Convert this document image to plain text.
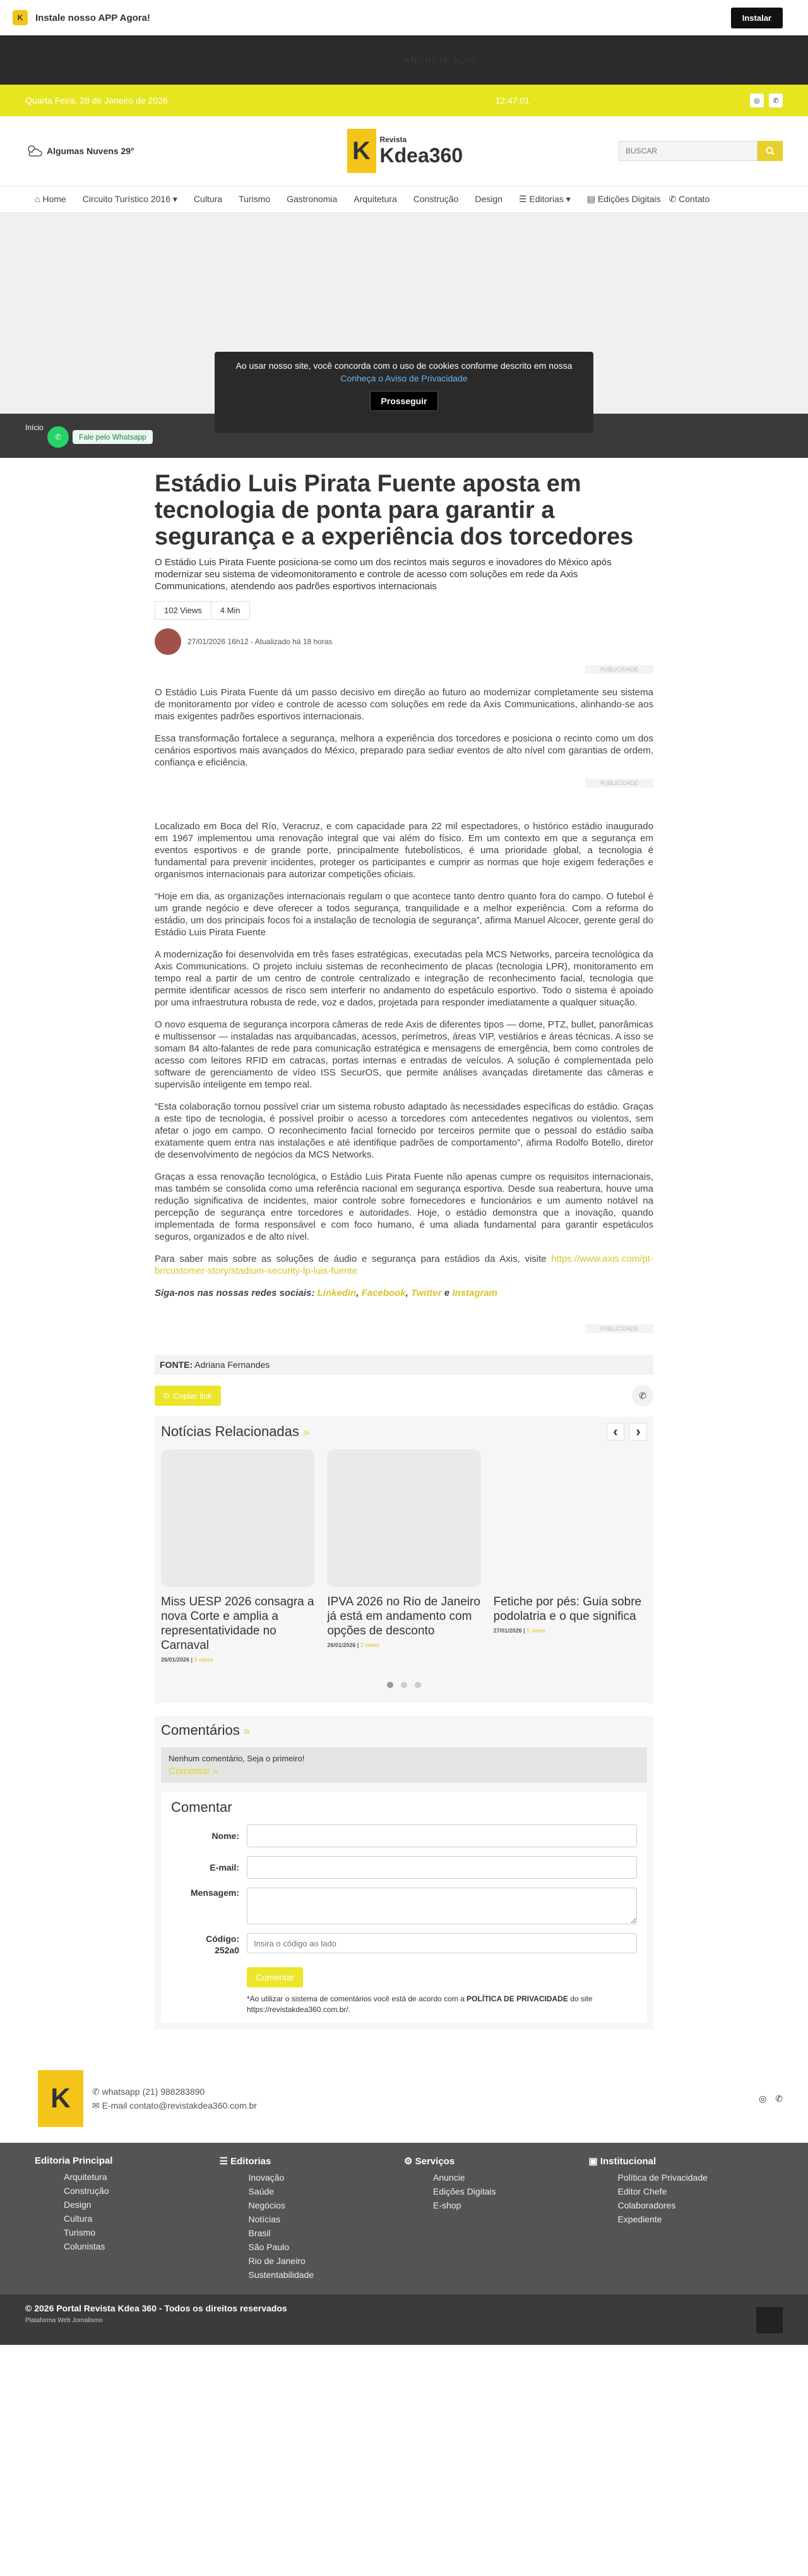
K	Instale nosso APP Agora!	Instalar
ANUNCIE AQUI
Quarta Feira, 28 de Janeiro de 2026	12:47:01	◎	✆
Algumas Nuvens 29°	K	Revista
Kdea360
BUSCAR
⌂ Home	Circuito Turístico 2016 ▾	Cultura	Turismo	Gastronomia	Arquitetura	Construção	Design	☰ Editorias ▾	▤ Edições Digitais ✆ Contato
Ao usar nosso site, você concorda com o uso de cookies conforme descrito em nossa
Conheça o Aviso de Privacidade
Prosseguir
Início
✆	Fale pelo Whatsapp
Estádio Luis Pirata Fuente aposta em tecnologia de ponta para garantir a segurança e a experiência dos torcedores

O Estádio Luis Pirata Fuente posiciona-se como um dos recintos mais seguros e inovadores do México após modernizar seu sistema de videomonitoramento e controle de acesso com soluções em rede da Axis Communications, atendendo aos padrões esportivos internacionais

102 Views	4 Min
27/01/2026 16h12 - Atualizado há 18 horas
PUBLICIDADE

O Estádio Luis Pirata Fuente dá um passo decisivo em direção ao futuro ao modernizar completamente seu sistema de monitoramento por vídeo e controle de acesso com soluções em rede da Axis Communications, alinhando-se aos mais exigentes padrões esportivos internacionais.

Essa transformação fortalece a segurança, melhora a experiência dos torcedores e posiciona o recinto como um dos cenários esportivos mais avançados do México, preparado para sediar eventos de alto nível com garantias de ordem, confiança e eficiência.

PUBLICIDADE

Localizado em Boca del Río, Veracruz, e com capacidade para 22 mil espectadores, o histórico estádio inaugurado em 1967 implementou uma renovação integral que vai além do físico. Em um contexto em que a segurança em eventos esportivos e de grande porte, principalmente futebolísticos, é uma prioridade global, a tecnologia é fundamental para prevenir incidentes, proteger os participantes e cumprir as normas que hoje exigem federações e organismos internacionais para autorizar competições oficiais.

“Hoje em dia, as organizações internacionais regulam o que acontece tanto dentro quanto fora do campo. O futebol é um grande negócio e deve oferecer a todos segurança, tranquilidade e a melhor experiência. Com a reforma do estádio, um dos principais focos foi a instalação de tecnologia de segurança”, afirma Manuel Alcocer, gerente geral do Estádio Luis Pirata Fuente

A modernização foi desenvolvida em três fases estratégicas, executadas pela MCS Networks, parceira tecnológica da Axis Communications. O projeto incluiu sistemas de reconhecimento de placas (tecnologia LPR), monitoramento em tempo real a partir de um centro de controle centralizado e integração de reconhecimento facial, tecnologia que permite identificar acessos de risco sem interferir no andamento do espetáculo esportivo. Todo o sistema é apoiado por uma infraestrutura robusta de rede, voz e dados, projetada para responder imediatamente a qualquer situação.

O novo esquema de segurança incorpora câmeras de rede Axis de diferentes tipos — dome, PTZ, bullet, panorâmicas e multissensor — instaladas nas arquibancadas, acessos, perímetros, áreas VIP, vestiários e áreas técnicas. A isso se somam 84 alto-falantes de rede para comunicação estratégica e mensagens de emergência, bem como controles de acesso com leitores RFID em catracas, portas internas e entradas de veículos. A solução é complementada pelo software de gerenciamento de vídeo ISS SecurOS, que permite análises avançadas diretamente das câmeras e supervisão inteligente em tempo real.

“Esta colaboração tornou possível criar um sistema robusto adaptado às necessidades específicas do estádio. Graças a este tipo de tecnologia, é possível proibir o acesso a torcedores com antecedentes negativos ou violentos, sem afetar o jogo em campo. O reconhecimento facial fornecido por terceiros permite que o pessoal do estádio saiba exatamente quem entra nas instalações e até identifique padrões de comportamento”, afirma Rodolfo Botello, diretor de desenvolvimento de negócios da MCS Networks.

Graças a essa renovação tecnológica, o Estádio Luis Pirata Fuente não apenas cumpre os requisitos internacionais, mas também se consolida como uma referência nacional em segurança esportiva. Desde sua reabertura, houve uma redução significativa de incidentes, maior controle sobre fornecedores e funcionários e um aumento notável na percepção de segurança entre torcedores e autoridades. Hoje, o estádio demonstra que a inovação, quando implementada de forma responsável e com foco humano, é uma aliada fundamental para garantir espetáculos seguros, organizados e de alto nível.

Para saber mais sobre as soluções de áudio e segurança para estádios da Axis, visite https://www.axis.com/pt-br/customer-story/stadium-security-lp-luis-fuente

Siga-nos nas nossas redes sociais: Linkedin, Facebook, Twitter e Instagram

PUBLICIDADE
FONTE: Adriana Fernandes
⧉ Copiar link	✆
Notícias Relacionadas »	‹	›
Miss UESP 2026 consagra a nova Corte e amplia a representatividade no Carnaval
26/01/2026 | 5 views
IPVA 2026 no Rio de Janeiro já está em andamento com opções de desconto
26/01/2026 | 2 views
Fetiche por pés: Guia sobre podolatria e o que significa
27/01/2026 | 5 views
Comentários »
Nenhum comentário, Seja o primeiro!
Comentar »
Comentar
Nome:
E-mail:
Mensagem:
Código:
252a0
Insira o código ao lado
Comentar

*Ao utilizar o sistema de comentários você está de acordo com a POLÍTICA DE PRIVACIDADE do site https://revistakdea360.com.br/.

K	✆ whatsapp (21) 988283890
✉ E-mail contato@revistakdea360.com.br
◎ ✆
Editoria Principal
Arquitetura
Construção
Design
Cultura
Turismo
Colunistas
☰ Editorias
Inovação
Saúde
Negócios
Notícias
Brasil
São Paulo
Rio de Janeiro
Sustentabilidade
⚙ Serviços
Anuncie
Edições Digitais
E-shop
▣ Institucional
Política de Privacidade
Editor Chefe
Colaboradores
Expediente
© 2026 Portal Revista Kdea 360 - Todos os direitos reservados
Plataforma Web Jornalismo
